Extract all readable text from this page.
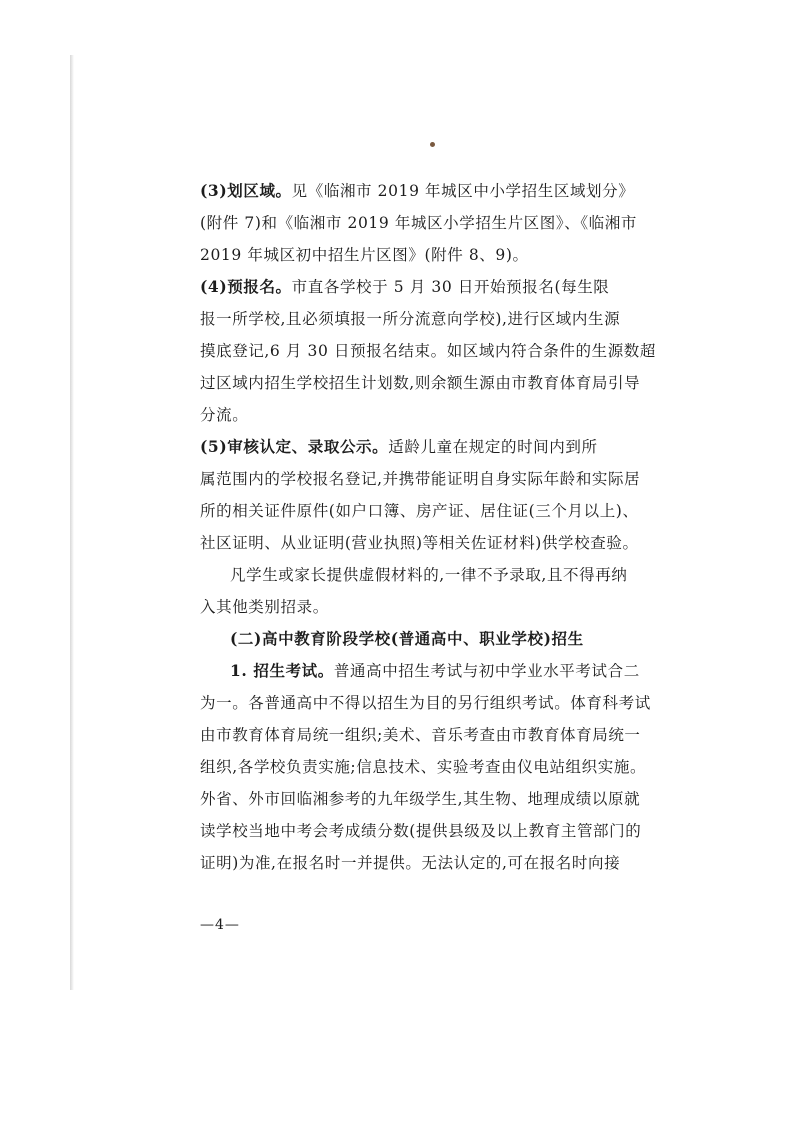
(3)划区域。见《临湘市 2019 年城区中小学招生区域划分》
(附件 7)和《临湘市 2019 年城区小学招生片区图》、《临湘市
2019 年城区初中招生片区图》(附件 8、9)。
(4)预报名。市直各学校于 5 月 30 日开始预报名(每生限
报一所学校,且必须填报一所分流意向学校),进行区域内生源
摸底登记,6 月 30 日预报名结束。如区域内符合条件的生源数超
过区域内招生学校招生计划数,则余额生源由市教育体育局引导
分流。
(5)审核认定、录取公示。适龄儿童在规定的时间内到所
属范围内的学校报名登记,并携带能证明自身实际年龄和实际居
所的相关证件原件(如户口簿、房产证、居住证(三个月以上)、
社区证明、从业证明(营业执照)等相关佐证材料)供学校查验。
凡学生或家长提供虚假材料的,一律不予录取,且不得再纳
入其他类别招录。
(二)高中教育阶段学校(普通高中、职业学校)招生
1. 招生考试。普通高中招生考试与初中学业水平考试合二
为一。各普通高中不得以招生为目的另行组织考试。体育科考试
由市教育体育局统一组织;美术、音乐考查由市教育体育局统一
组织,各学校负责实施;信息技术、实验考查由仪电站组织实施。
外省、外市回临湘参考的九年级学生,其生物、地理成绩以原就
读学校当地中考会考成绩分数(提供县级及以上教育主管部门的
证明)为准,在报名时一并提供。无法认定的,可在报名时向接
—4—
